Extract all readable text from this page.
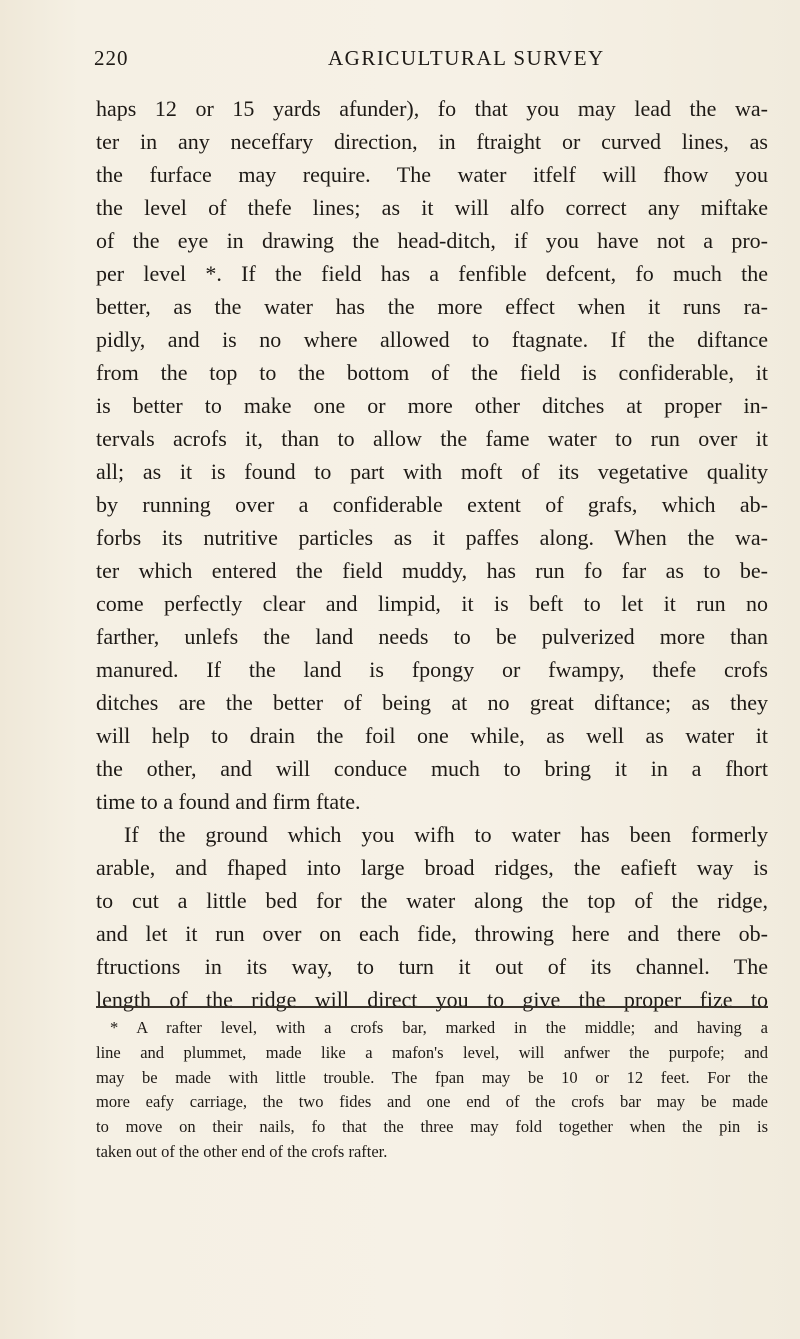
220	AGRICULTURAL SURVEY
haps 12 or 15 yards afunder), fo that you may lead the wa-
ter in any neceffary direction, in ftraight or curved lines, as
the furface may require. The water itfelf will fhow you
the level of thefe lines; as it will alfo correct any miftake
of the eye in drawing the head-ditch, if you have not a pro-
per level *. If the field has a fenfible defcent, fo much the
better, as the water has the more effect when it runs ra-
pidly, and is no where allowed to ftagnate. If the diftance
from the top to the bottom of the field is confiderable, it
is better to make one or more other ditches at proper in-
tervals acrofs it, than to allow the fame water to run over it
all; as it is found to part with moft of its vegetative quality
by running over a confiderable extent of grafs, which ab-
forbs its nutritive particles as it paffes along. When the wa-
ter which entered the field muddy, has run fo far as to be-
come perfectly clear and limpid, it is beft to let it run no
farther, unlefs the land needs to be pulverized more than
manured. If the land is fpongy or fwampy, thefe crofs
ditches are the better of being at no great diftance; as they
will help to drain the foil one while, as well as water it
the other, and will conduce much to bring it in a fhort
time to a found and firm ftate.
If the ground which you wifh to water has been formerly
arable, and fhaped into large broad ridges, the eafieft way is
to cut a little bed for the water along the top of the ridge,
and let it run over on each fide, throwing here and there ob-
ftructions in its way, to turn it out of its channel. The
length of the ridge will direct you to give the proper fize to
* A rafter level, with a crofs bar, marked in the middle; and having a
line and plummet, made like a mafon's level, will anfwer the purpofe; and
may be made with little trouble. The fpan may be 10 or 12 feet. For the
more eafy carriage, the two fides and one end of the crofs bar may be made
to move on their nails, fo that the three may fold together when the pin is
taken out of the other end of the crofs rafter.
